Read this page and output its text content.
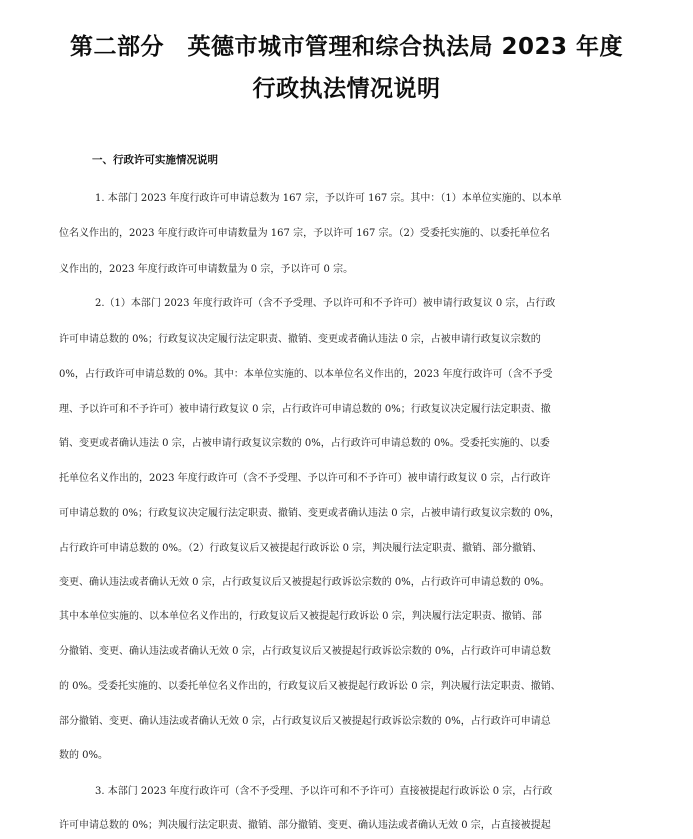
第二部分　英德市城市管理和综合执法局 2023 年度
行政执法情况说明
一、行政许可实施情况说明
1. 本部门 2023 年度行政许可申请总数为 167 宗，予以许可 167 宗。其中：（1）本单位实施的、以本单
位名义作出的，2023 年度行政许可申请数量为 167 宗，予以许可 167 宗。（2）受委托实施的、以委托单位名
义作出的，2023 年度行政许可申请数量为 0 宗，予以许可 0 宗。
2.（1）本部门 2023 年度行政许可（含不予受理、予以许可和不予许可）被申请行政复议 0 宗，占行政
许可申请总数的 0%；行政复议决定履行法定职责、撤销、变更或者确认违法 0 宗，占被申请行政复议宗数的
0%，占行政许可申请总数的 0%。其中：本单位实施的、以本单位名义作出的，2023 年度行政许可（含不予受
理、予以许可和不予许可）被申请行政复议 0 宗，占行政许可申请总数的 0%；行政复议决定履行法定职责、撤
销、变更或者确认违法 0 宗，占被申请行政复议宗数的 0%，占行政许可申请总数的 0%。受委托实施的、以委
托单位名义作出的，2023 年度行政许可（含不予受理、予以许可和不予许可）被申请行政复议 0 宗，占行政许
可申请总数的 0%；行政复议决定履行法定职责、撤销、变更或者确认违法 0 宗，占被申请行政复议宗数的 0%，
占行政许可申请总数的 0%。（2）行政复议后又被提起行政诉讼 0 宗，判决履行法定职责、撤销、部分撤销、
变更、确认违法或者确认无效 0 宗，占行政复议后又被提起行政诉讼宗数的 0%，占行政许可申请总数的 0%。
其中本单位实施的、以本单位名义作出的，行政复议后又被提起行政诉讼 0 宗，判决履行法定职责、撤销、部
分撤销、变更、确认违法或者确认无效 0 宗，占行政复议后又被提起行政诉讼宗数的 0%，占行政许可申请总数
的 0%。受委托实施的、以委托单位名义作出的，行政复议后又被提起行政诉讼 0 宗，判决履行法定职责、撤销、
部分撤销、变更、确认违法或者确认无效 0 宗，占行政复议后又被提起行政诉讼宗数的 0%，占行政许可申请总
数的 0%。
3. 本部门 2023 年度行政许可（含不予受理、予以许可和不予许可）直接被提起行政诉讼 0 宗，占行政
许可申请总数的 0%；判决履行法定职责、撤销、部分撤销、变更、确认违法或者确认无效 0 宗，占直接被提起
